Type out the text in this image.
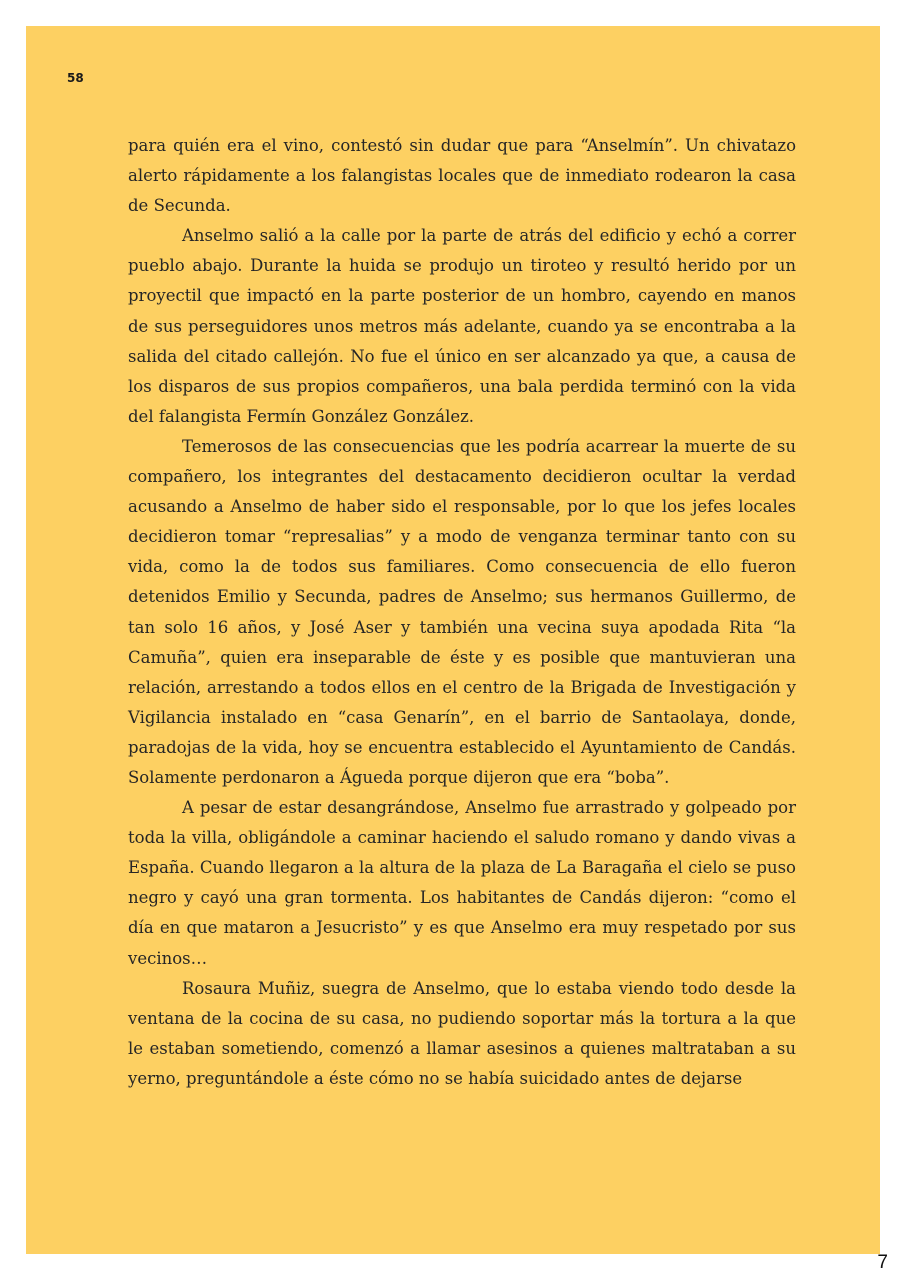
58

para quién era el vino, contestó sin dudar que para “Anselmín”. Un chivatazo alerto rápidamente a los falangistas locales que de inmediato rodearon la casa de Secunda.

Anselmo salió a la calle por la parte de atrás del edificio y echó a correr pueblo abajo. Durante la huida se produjo un tiroteo y resultó herido por un proyectil que impactó en la parte posterior de un hombro, cayendo en manos de sus perseguidores unos metros más adelante, cuando ya se encontraba a la salida del citado callejón. No fue el único en ser alcanzado ya que, a causa de los disparos de sus propios compañeros, una bala perdida terminó con la vida del falangista Fermín González González.

Temerosos de las consecuencias que les podría acarrear la muerte de su compañero, los integrantes del destacamento decidieron ocultar la verdad acusando a Anselmo de haber sido el responsable, por lo que los jefes locales decidieron tomar “represalias” y a modo de venganza terminar tanto con su vida, como la de todos sus familiares. Como consecuencia de ello fueron detenidos Emilio y Secunda, padres de Anselmo; sus hermanos Guillermo, de tan solo 16 años, y José Aser y también una vecina suya apodada Rita “la Camuña”, quien era inseparable de éste y es posible que mantuvieran una relación, arrestando a todos ellos en el centro de la Brigada de Investigación y Vigilancia instalado en “casa Genarín”, en el barrio de Santaolaya, donde, paradojas de la vida, hoy se encuentra establecido el Ayuntamiento de Candás. Solamente perdonaron a Águeda porque dijeron que era “boba”.

A pesar de estar desangrándose, Anselmo fue arrastrado y golpeado por toda la villa, obligándole a caminar haciendo el saludo romano y dando vivas a España. Cuando llegaron a la altura de la plaza de La Baragaña el cielo se puso negro y cayó una gran tormenta. Los habitantes de Candás dijeron: “como el día en que mataron a Jesucristo” y es que Anselmo era muy respetado por sus vecinos…

Rosaura Muñiz, suegra de Anselmo, que lo estaba viendo todo desde la ventana de la cocina de su casa, no pudiendo soportar más la tortura a la que le estaban sometiendo, comenzó a llamar asesinos a quienes maltrataban a su yerno, preguntándole a éste cómo no se había suicidado antes de dejarse

7
